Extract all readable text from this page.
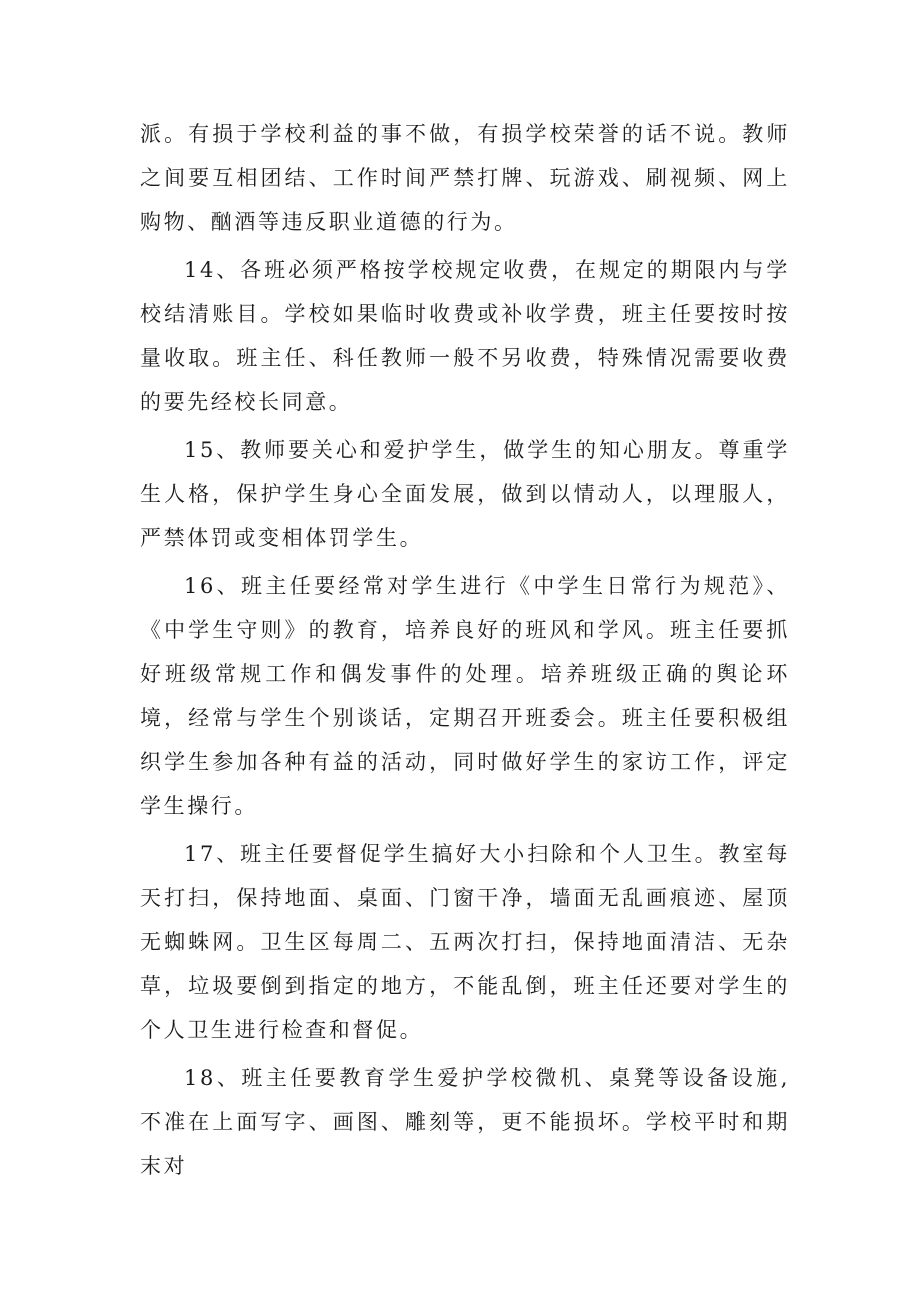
派。有损于学校利益的事不做，有损学校荣誉的话不说。教师之间要互相团结、工作时间严禁打牌、玩游戏、刷视频、网上购物、酗酒等违反职业道德的行为。

14、各班必须严格按学校规定收费，在规定的期限内与学校结清账目。学校如果临时收费或补收学费，班主任要按时按量收取。班主任、科任教师一般不另收费，特殊情况需要收费的要先经校长同意。

15、教师要关心和爱护学生，做学生的知心朋友。尊重学生人格，保护学生身心全面发展，做到以情动人，以理服人，严禁体罚或变相体罚学生。

16、班主任要经常对学生进行《中学生日常行为规范》、《中学生守则》的教育，培养良好的班风和学风。班主任要抓好班级常规工作和偶发事件的处理。培养班级正确的舆论环境，经常与学生个别谈话，定期召开班委会。班主任要积极组织学生参加各种有益的活动，同时做好学生的家访工作，评定学生操行。

17、班主任要督促学生搞好大小扫除和个人卫生。教室每天打扫，保持地面、桌面、门窗干净，墙面无乱画痕迹、屋顶无蜘蛛网。卫生区每周二、五两次打扫，保持地面清洁、无杂草，垃圾要倒到指定的地方，不能乱倒，班主任还要对学生的个人卫生进行检查和督促。

18、班主任要教育学生爱护学校微机、桌凳等设备设施,不准在上面写字、画图、雕刻等，更不能损坏。学校平时和期末对
